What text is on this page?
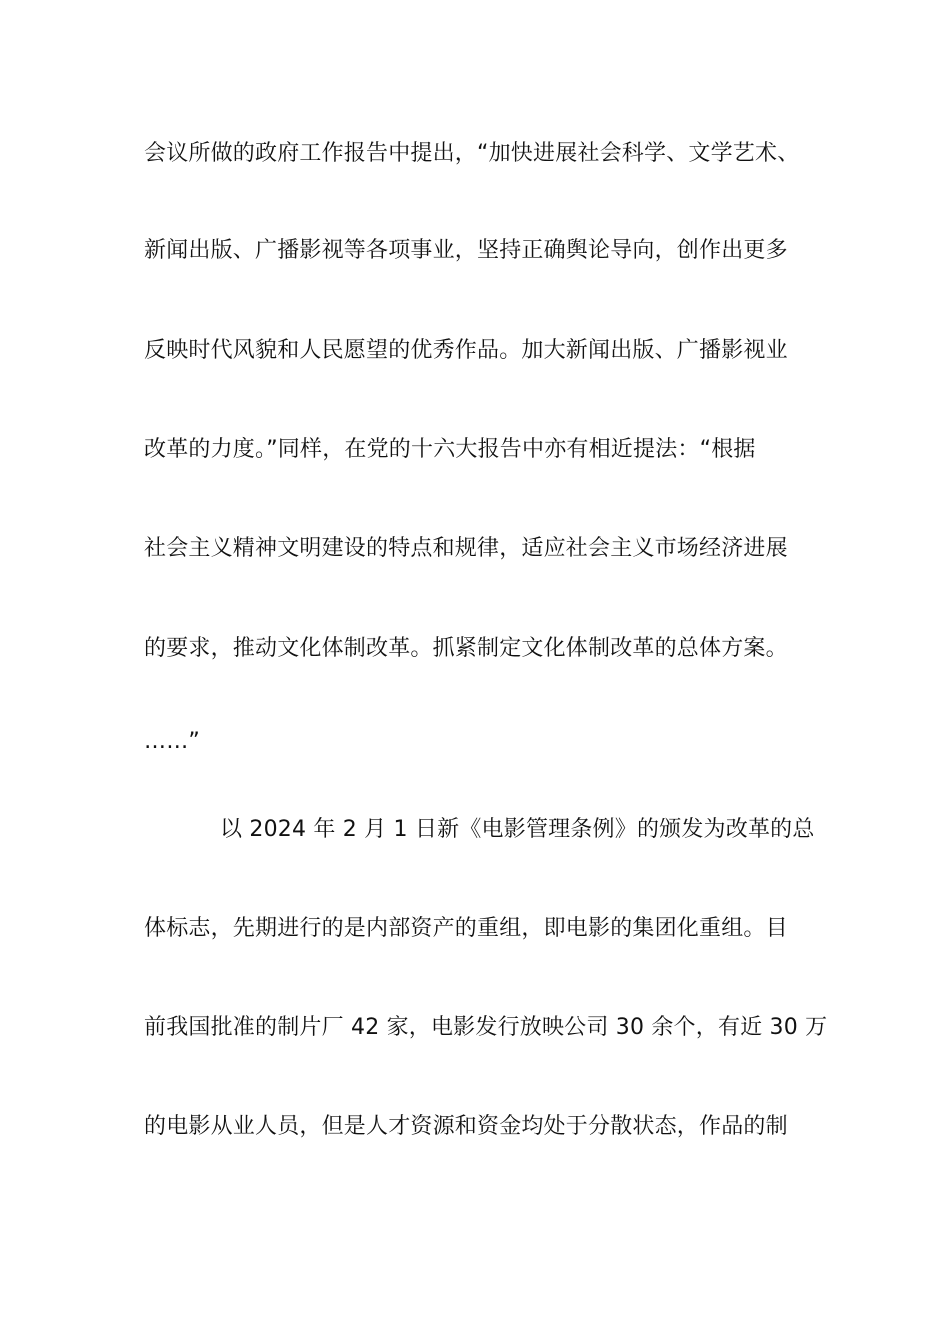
会议所做的政府工作报告中提出，“加快进展社会科学、文学艺术、
新闻出版、广播影视等各项事业，坚持正确舆论导向，创作出更多
反映时代风貌和人民愿望的优秀作品。加大新闻出版、广播影视业
改革的力度。”同样，在党的十六大报告中亦有相近提法：“根据
社会主义精神文明建设的特点和规律，适应社会主义市场经济进展
的要求，推动文化体制改革。抓紧制定文化体制改革的总体方案。
……”
以 2024 年 2 月 1 日新《电影管理条例》的颁发为改革的总
体标志，先期进行的是内部资产的重组，即电影的集团化重组。目
前我国批准的制片厂 42 家，电影发行放映公司 30 余个，有近 30 万
的电影从业人员，但是人才资源和资金均处于分散状态，作品的制
